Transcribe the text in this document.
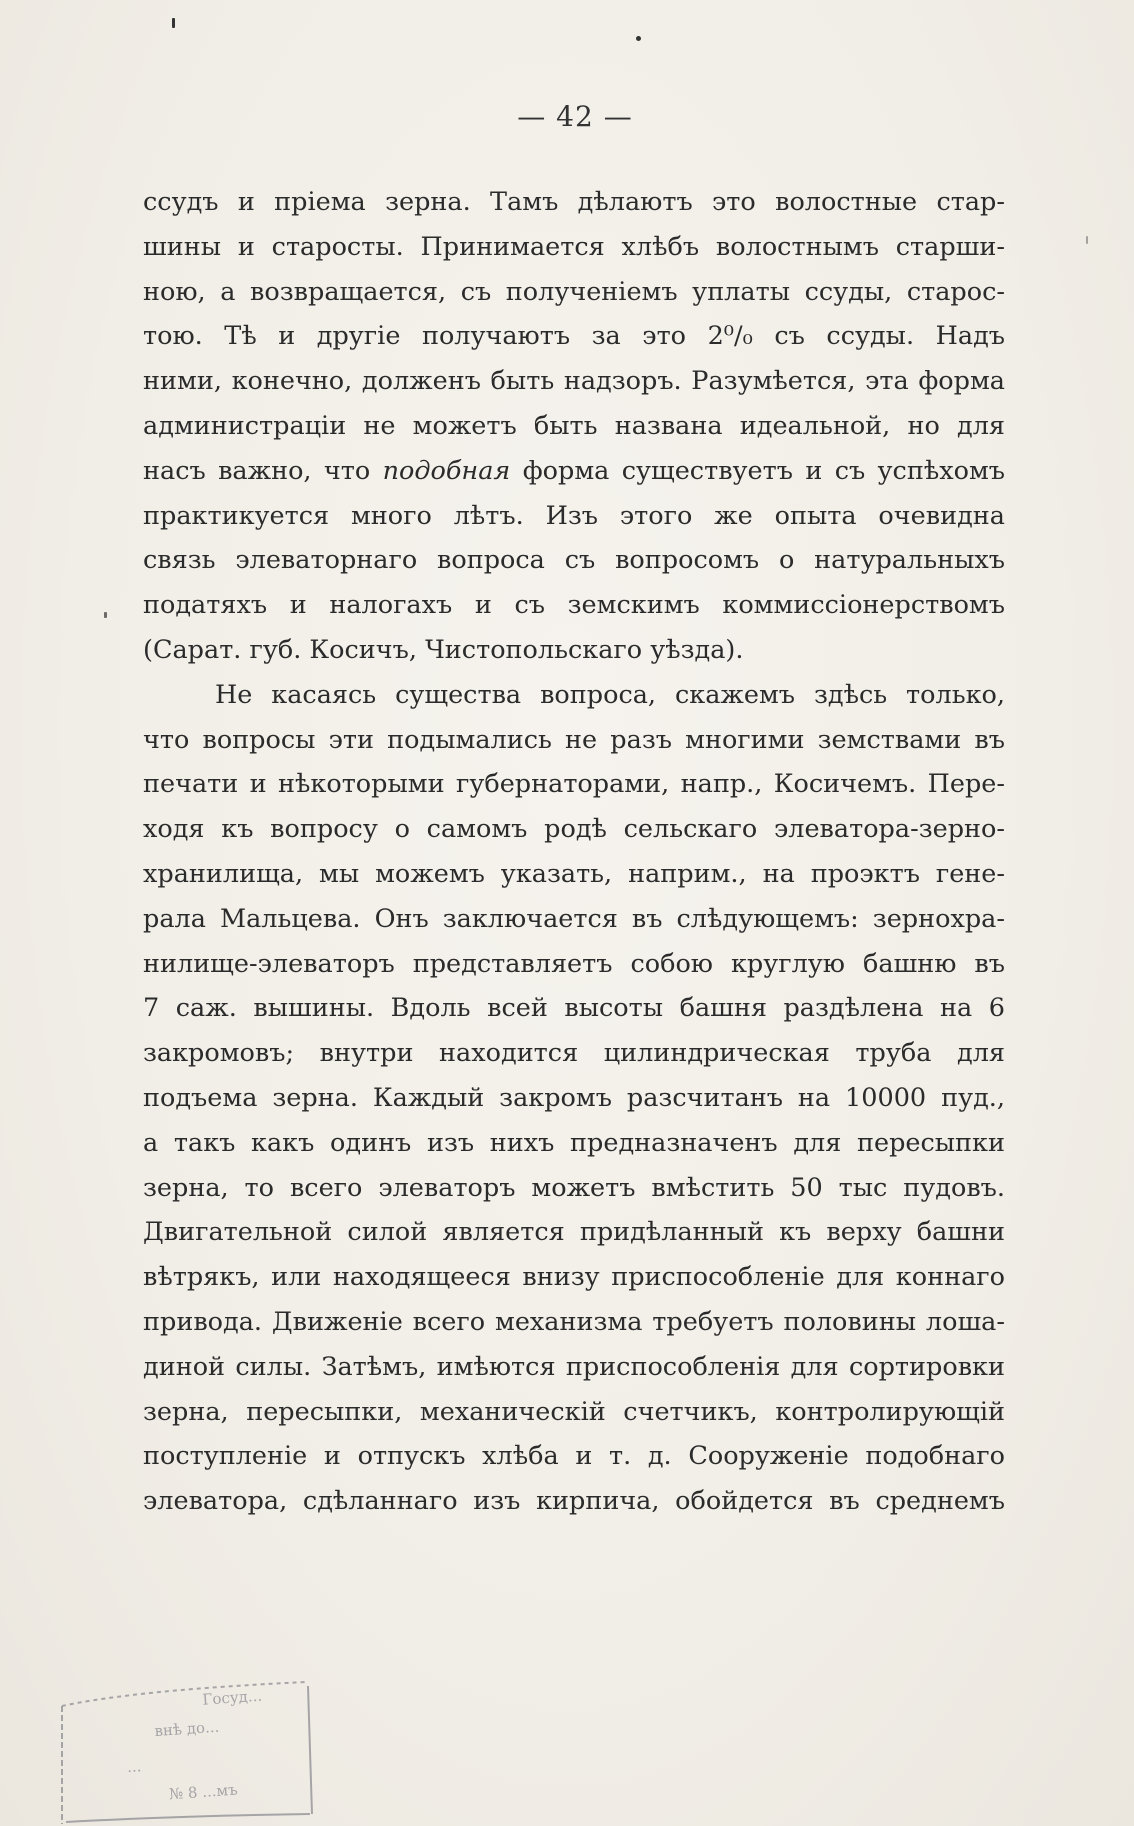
— 42 —
ссудъ и пріема зерна. Тамъ дѣлаютъ это волостные стар-
шины и старосты. Принимается хлѣбъ волостнымъ старши-
ною, а возвращается, съ полученіемъ уплаты ссуды, старос-
тою. Тѣ и другіе получаютъ за это 2⁰/₀ съ ссуды. Надъ
ними, конечно, долженъ быть надзоръ. Разумѣется, эта форма
администраціи не можетъ быть названа идеальной, но для
насъ важно, что подобная форма существуетъ и съ успѣхомъ
практикуется много лѣтъ. Изъ этого же опыта очевидна
связь элеваторнаго вопроса съ вопросомъ о натуральныхъ
податяхъ и налогахъ и съ земскимъ коммиссіонерствомъ
(Сарат. губ. Косичъ, Чистопольскаго уѣзда).
Не касаясь существа вопроса, скажемъ здѣсь только,
что вопросы эти подымались не разъ многими земствами въ
печати и нѣкоторыми губернаторами, напр., Косичемъ. Пере-
ходя къ вопросу о самомъ родѣ сельскаго элеватора-зерно-
хранилища, мы можемъ указать, наприм., на проэктъ гене-
рала Мальцева. Онъ заключается въ слѣдующемъ: зернохра-
нилище-элеваторъ представляетъ собою круглую башню въ
7 саж. вышины. Вдоль всей высоты башня раздѣлена на 6
закромовъ; внутри находится цилиндрическая труба для
подъема зерна. Каждый закромъ разсчитанъ на 10000 пуд.,
а такъ какъ одинъ изъ нихъ предназначенъ для пересыпки
зерна, то всего элеваторъ можетъ вмѣстить 50 тыс пудовъ.
Двигательной силой является придѣланный къ верху башни
вѣтрякъ, или находящееся внизу приспособленіе для коннаго
привода. Движеніе всего механизма требуетъ половины лоша-
диной силы. Затѣмъ, имѣются приспособленія для сортировки
зерна, пересыпки, механическій счетчикъ, контролирующій
поступленіе и отпускъ хлѣба и т. д. Сооруженіе подобнаго
элеватора, сдѣланнаго изъ кирпича, обойдется въ среднемъ
Госуд...
внѣ до...
...
№ 8 ...мъ
